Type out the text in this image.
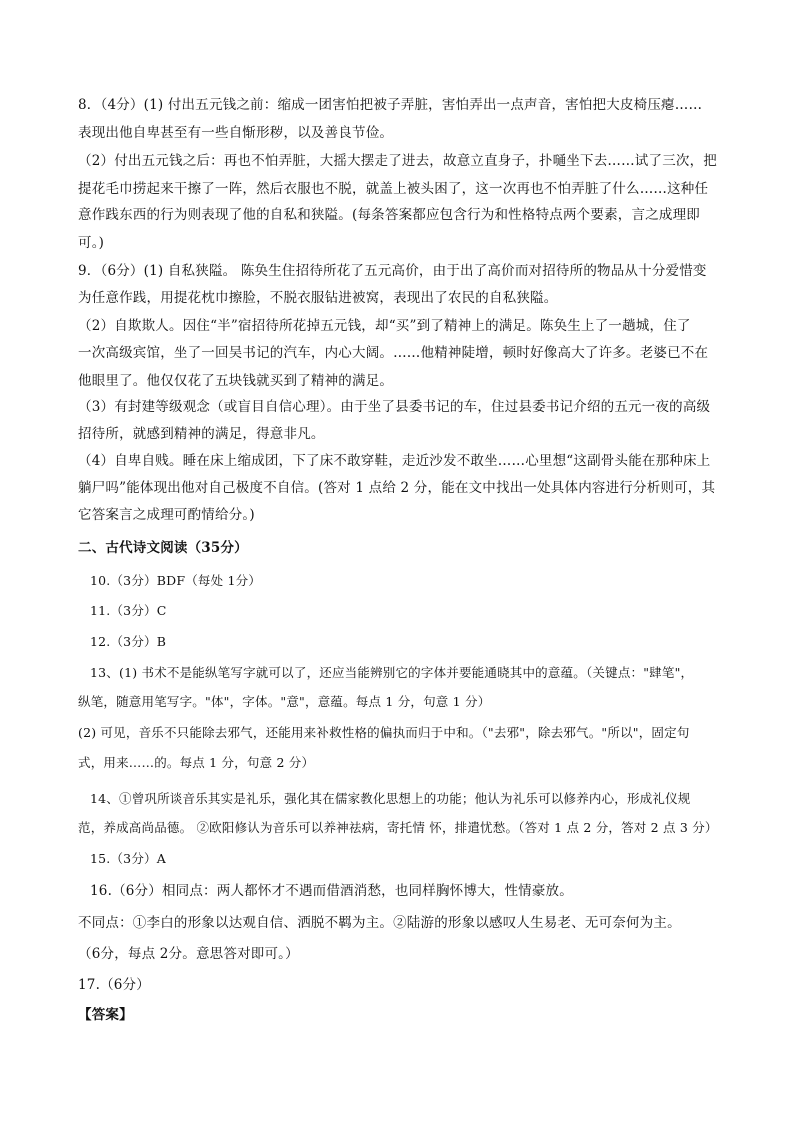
8．（4分）(1) 付出五元钱之前：缩成一团害怕把被子弄脏，害怕弄出一点声音，害怕把大皮椅压瘪……
表现出他自卑甚至有一些自惭形秽，以及善良节俭。
（2）付出五元钱之后：再也不怕弄脏，大摇大摆走了进去，故意立直身子，扑嗵坐下去……试了三次，把
提花毛巾捞起来干擦了一阵，然后衣服也不脱，就盖上被头困了，这一次再也不怕弄脏了什么……这种任
意作践东西的行为则表现了他的自私和狭隘。(每条答案都应包含行为和性格特点两个要素，言之成理即
可。)
9．（6分）(1) 自私狭隘。 陈奂生住招待所花了五元高价，由于出了高价而对招待所的物品从十分爱惜变
为任意作践，用提花枕巾擦脸，不脱衣服钻进被窝，表现出了农民的自私狭隘。
（2）自欺欺人。因住“半”宿招待所花掉五元钱，却“买”到了精神上的满足。陈奂生上了一趟城，住了
一次高级宾馆，坐了一回吴书记的汽车，内心大阔。……他精神陡增，顿时好像高大了许多。老婆已不在
他眼里了。他仅仅花了五块钱就买到了精神的满足。
（3）有封建等级观念（或盲目自信心理）。由于坐了县委书记的车，住过县委书记介绍的五元一夜的高级
招待所，就感到精神的满足，得意非凡。
（4）自卑自贱。睡在床上缩成团，下了床不敢穿鞋，走近沙发不敢坐……心里想“这副骨头能在那种床上
躺尸吗”能体现出他对自己极度不自信。(答对 1 点给 2 分，能在文中找出一处具体内容进行分析则可，其
它答案言之成理可酌情给分。)
二、古代诗文阅读（35分）
10.（3分）BDF（每处 1分）
11.（3分）C
12.（3分）B
13、(1) 书术不是能纵笔写字就可以了，还应当能辨别它的字体并要能通晓其中的意蕴。（关键点："肆笔"，
纵笔，随意用笔写字。"体"，字体。"意"，意蕴。每点 1 分，句意 1 分）
(2) 可见，音乐不只能除去邪气，还能用来补救性格的偏执而归于中和。（"去邪"，除去邪气。"所以"，固定句
式，用来……的。每点 1 分，句意 2 分）
14、①曾巩所谈音乐其实是礼乐，强化其在儒家教化思想上的功能；他认为礼乐可以修养内心，形成礼仪规
范，养成高尚品德。 ②欧阳修认为音乐可以养神祛病，寄托情 怀，排遣忧愁。（答对 1 点 2 分，答对 2 点 3 分）
15.（3分）A
16.（6分）相同点：两人都怀才不遇而借酒消愁，也同样胸怀博大，性情豪放。
不同点：①李白的形象以达观自信、洒脱不羁为主。②陆游的形象以感叹人生易老、无可奈何为主。
（6分，每点 2分。意思答对即可。）
17.（6分）
【答案】
